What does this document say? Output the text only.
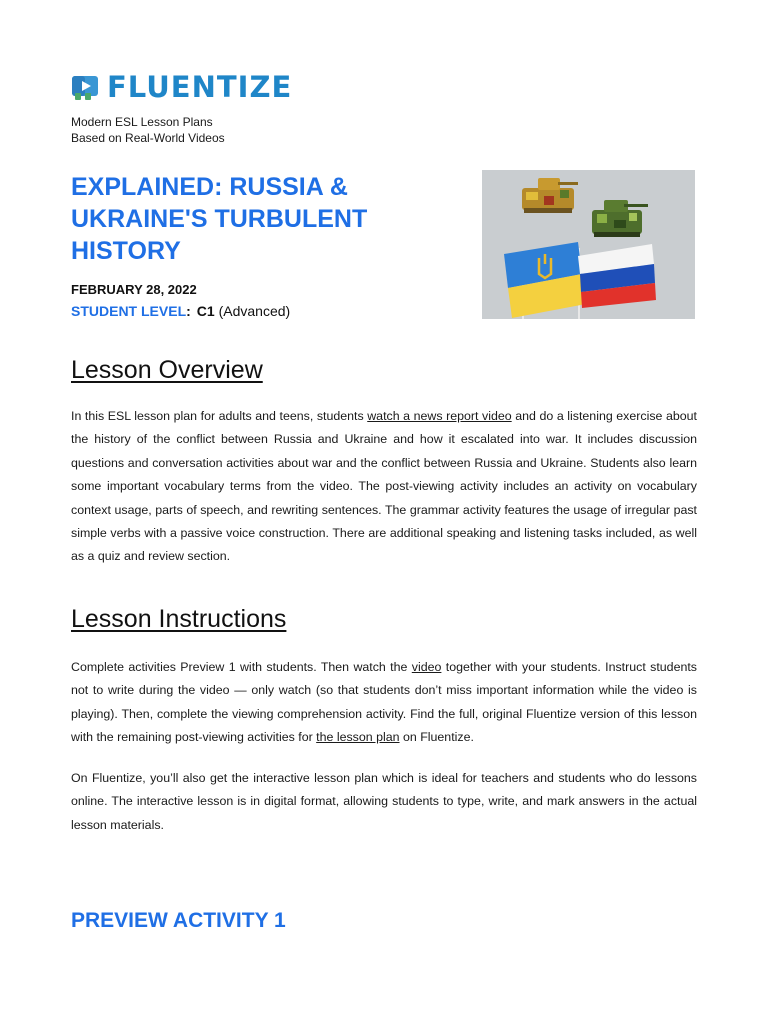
FLUENTIZE
Modern ESL Lesson Plans
Based on Real-World Videos
EXPLAINED: RUSSIA & UKRAINE'S TURBULENT HISTORY
FEBRUARY 28, 2022
STUDENT LEVEL: C1 (Advanced)
Lesson Overview

In this ESL lesson plan for adults and teens, students watch a news report video and do a listening exercise about the history of the conflict between Russia and Ukraine and how it escalated into war. It includes discussion questions and conversation activities about war and the conflict between Russia and Ukraine. Students also learn some important vocabulary terms from the video. The post-viewing activity includes an activity on vocabulary context usage, parts of speech, and rewriting sentences. The grammar activity features the usage of irregular past simple verbs with a passive voice construction. There are additional speaking and listening tasks included, as well as a quiz and review section.

Lesson Instructions

Complete activities Preview 1 with students. Then watch the video together with your students. Instruct students not to write during the video — only watch (so that students don’t miss important information while the video is playing). Then, complete the viewing comprehension activity. Find the full, original Fluentize version of this lesson with the remaining post-viewing activities for the lesson plan on Fluentize.

On Fluentize, you’ll also get the interactive lesson plan which is ideal for teachers and students who do lessons online. The interactive lesson is in digital format, allowing students to type, write, and mark answers in the actual lesson materials.

PREVIEW ACTIVITY 1
